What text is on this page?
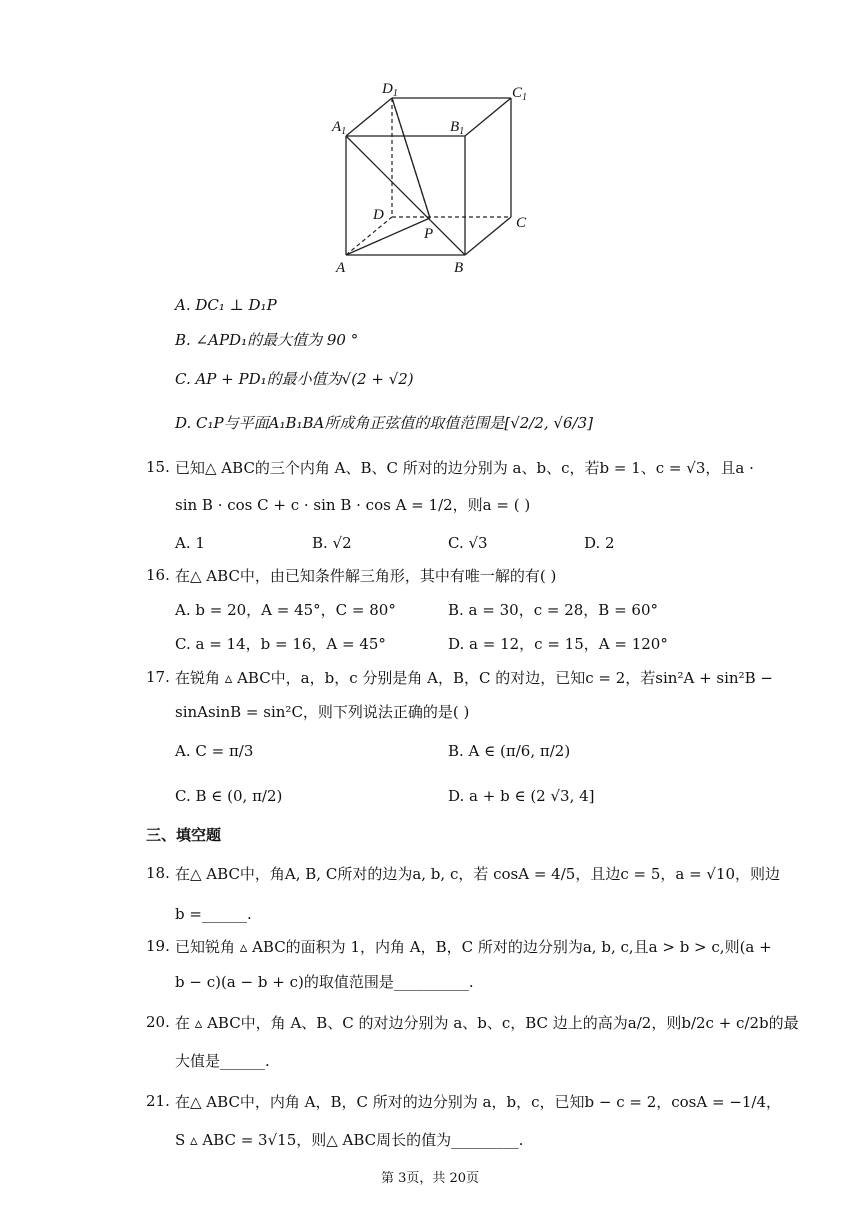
$D_1$	$C_1$
$A_1$	$B_1$
D	C
P
A	B
A. DC₁ ⊥ D₁P
B. ∠APD₁的最大值为 90 °
C. AP + PD₁的最小值为√(2 + √2)
D. C₁P与平面A₁B₁BA所成角正弦值的取值范围是[√2/2, √6/3]
15. 已知△ ABC的三个内角 A、B、C 所对的边分别为 a、b、c，若b = 1、c = √3，且a ·
sin B · cos C + c · sin B · cos A = 1/2，则a = ( )
A. 1	B. √2	C. √3	D. 2
16. 在△ ABC中，由已知条件解三角形，其中有唯一解的有( )
A. b = 20，A = 45°，C = 80°	B. a = 30，c = 28，B = 60°
C. a = 14，b = 16，A = 45°	D. a = 12，c = 15，A = 120°
17. 在锐角 ▵ ABC中，a，b，c 分别是角 A，B，C 的对边，已知c = 2，若sin²A + sin²B −
sinAsinB = sin²C，则下列说法正确的是( )
A. C = π/3	B. A ∈ (π/6, π/2)
C. B ∈ (0, π/2)	D. a + b ∈ (2 √3, 4]
三、填空题
18. 在△ ABC中，角A, B, C所对的边为a, b, c，若 cosA = 4/5，且边c = 5，a = √10，则边
b =______.
19. 已知锐角 ▵ ABC的面积为 1，内角 A，B，C 所对的边分别为a, b, c,且a > b > c,则(a +
b − c)(a − b + c)的取值范围是__________.
20. 在 ▵ ABC中，角 A、B、C 的对边分别为 a、b、c，BC 边上的高为a/2，则b/2c + c/2b的最
大值是______.
21. 在△ ABC中，内角 A，B，C 所对的边分别为 a，b，c，已知b − c = 2，cosA = −1/4，
S ▵ ABC = 3√15，则△ ABC周长的值为_________.
第 3页，共 20页
